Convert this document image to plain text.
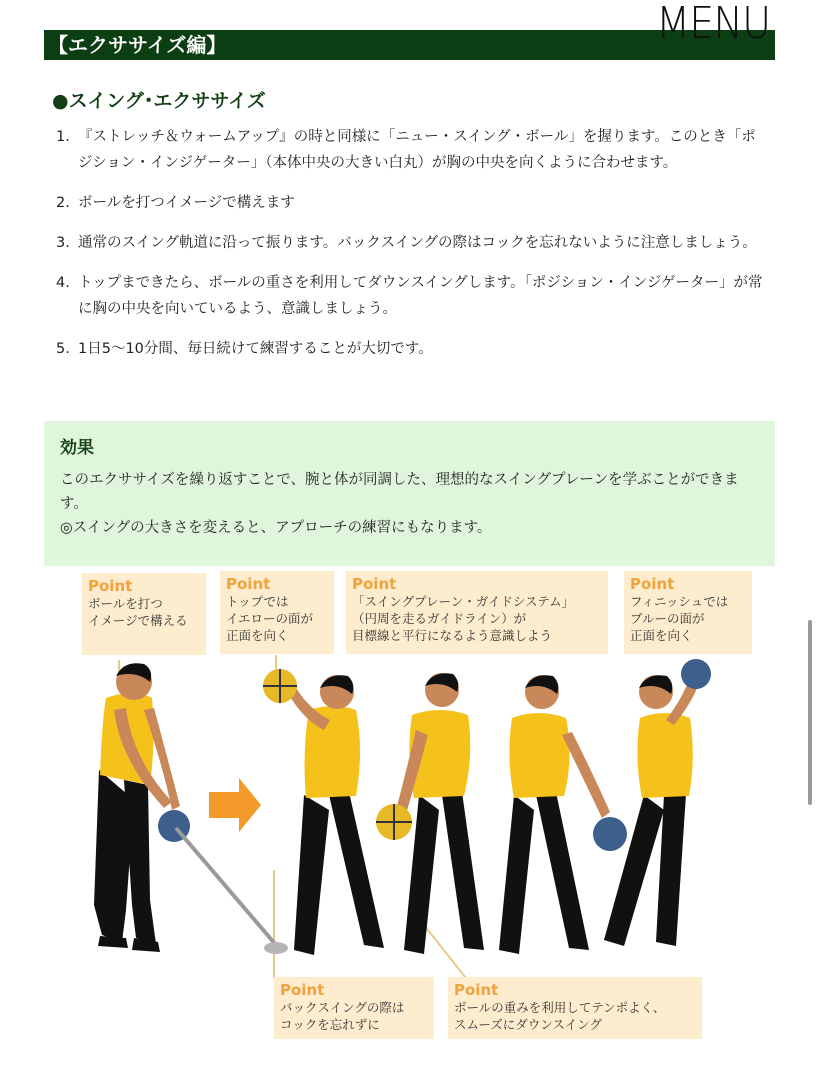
MENU
【エクササイズ編】
●スイング･エクササイズ
1. 『ストレッチ＆ウォームアップ』の時と同様に「ニュー・スイング・ボール」を握ります。このとき「ポジション・インジゲーター」（本体中央の大きい白丸）が胸の中央を向くように合わせます。
2. ボールを打つイメージで構えます
3. 通常のスイング軌道に沿って振ります。バックスイングの際はコックを忘れないように注意しましょう。
4. トップまできたら、ボールの重さを利用してダウンスイングします。「ポジション・インジゲーター」が常に胸の中央を向いているよう、意識しましょう。
5. 1日5〜10分間、毎日続けて練習することが大切です。
効果
このエクササイズを繰り返すことで、腕と体が同調した、理想的なスイングプレーンを学ぶことができます。
◎スイングの大きさを変えると、アプローチの練習にもなります。
Point
ボールを打つ
イメージで構える
Point
トップでは
イエローの面が
正面を向く
Point
「スイングプレーン・ガイドシステム」
（円周を走るガイドライン）が
目標線と平行になるよう意識しよう
Point
フィニッシュでは
ブルーの面が
正面を向く
Point
バックスイングの際は
コックを忘れずに
Point
ボールの重みを利用してテンポよく、
スムーズにダウンスイング
